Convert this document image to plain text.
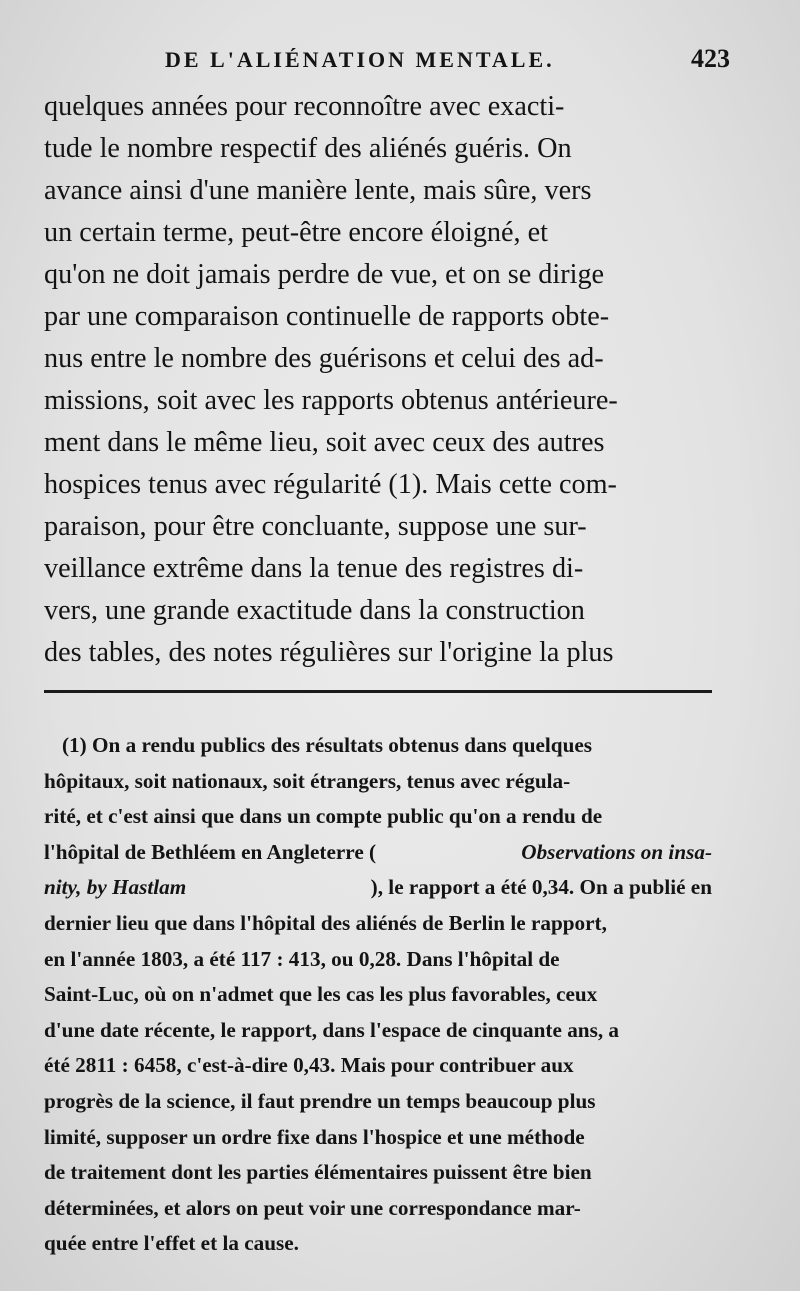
DE L'ALIÉNATION MENTALE.	423
quelques années pour reconnoître avec exacti-
tude le nombre respectif des aliénés guéris. On
avance ainsi d'une manière lente, mais sûre, vers
un certain terme, peut-être encore éloigné, et
qu'on ne doit jamais perdre de vue, et on se dirige
par une comparaison continuelle de rapports obte-
nus entre le nombre des guérisons et celui des ad-
missions, soit avec les rapports obtenus antérieure-
ment dans le même lieu, soit avec ceux des autres
hospices tenus avec régularité (1). Mais cette com-
paraison, pour être concluante, suppose une sur-
veillance extrême dans la tenue des registres di-
vers, une grande exactitude dans la construction
des tables, des notes régulières sur l'origine la plus
(1) On a rendu publics des résultats obtenus dans quelques
hôpitaux, soit nationaux, soit étrangers, tenus avec régula-
rité, et c'est ainsi que dans un compte public qu'on a rendu de
l'hôpital de Bethléem en Angleterre (	Observations on insa-
nity, by Hastlam	), le rapport a été 0,34. On a publié en
dernier lieu que dans l'hôpital des aliénés de Berlin le rapport,
en l'année 1803, a été 117 : 413, ou 0,28. Dans l'hôpital de
Saint-Luc, où on n'admet que les cas les plus favorables, ceux
d'une date récente, le rapport, dans l'espace de cinquante ans, a
été 2811 : 6458, c'est-à-dire 0,43. Mais pour contribuer aux
progrès de la science, il faut prendre un temps beaucoup plus
limité, supposer un ordre fixe dans l'hospice et une méthode
de traitement dont les parties élémentaires puissent être bien
déterminées, et alors on peut voir une correspondance mar-
quée entre l'effet et la cause.
